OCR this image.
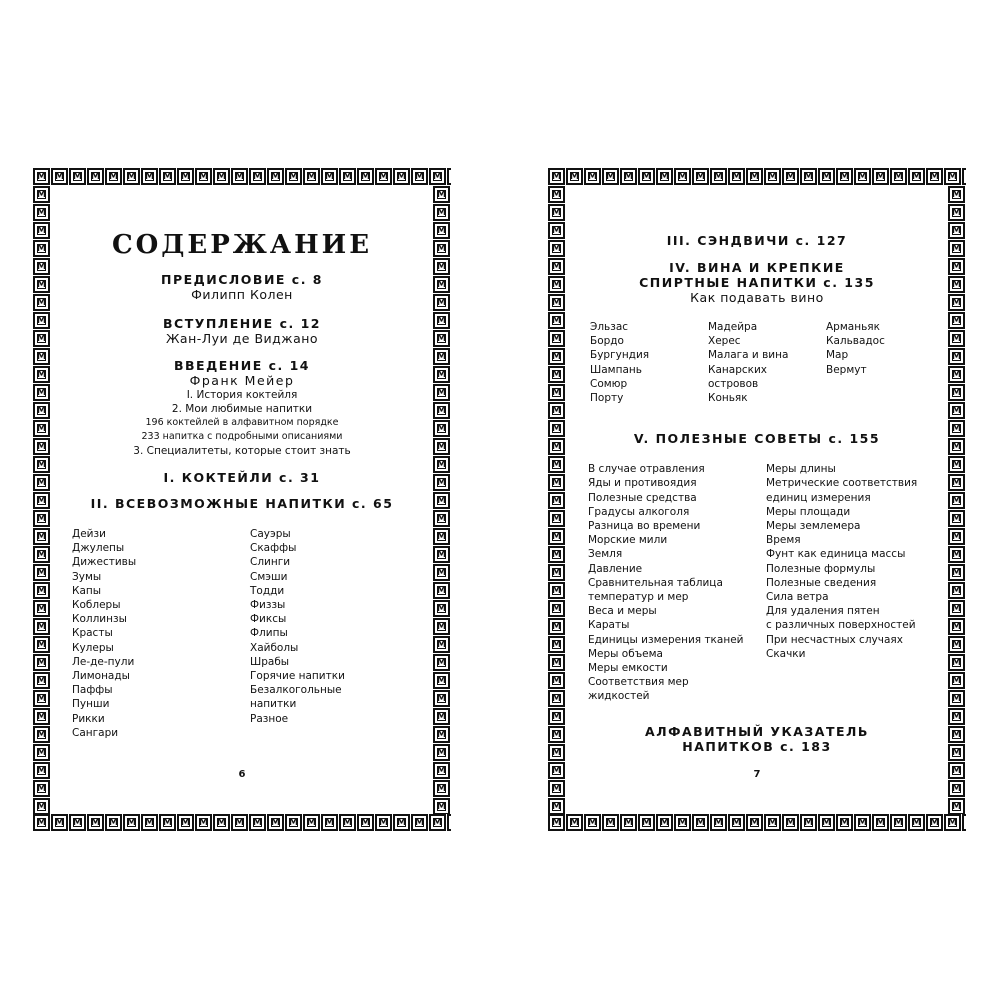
M
M
M
M
M
M
M
M
M
M
M
M
M
M
M
M
M
M
M
M
M
M
M
M
M
M
M
M
M
M
M
M
M
M
M
M
M
M
M
M
M
M
M
M
M
M
M
M
M
M
M
M
M
M
M
M
M
M
M
M
M
M
M
M
M
M
M
M
M
M
M
M
M
M
M
M
M
M
M
M
M
M
M
M
M
M
M
M
M
M
M
M
M
M
M
M
M
M
M
M
M
M
M
M
M
M
M
M
M
M
M
M
M
M
M
M
M
M
СОДЕРЖАНИЕ
ПРЕДИСЛОВИЕ с. 8
Филипп Колен
ВСТУПЛЕНИЕ с. 12
Жан-Луи де Виджано
ВВЕДЕНИЕ с. 14
Франк Мейер
I. История коктейля
2. Мои любимые напитки
196 коктейлей в алфавитном порядке
233 напитка с подробными описаниями
3. Специалитеты, которые стоит знать
I. КОКТЕЙЛИ с. 31
II. ВСЕВОЗМОЖНЫЕ НАПИТКИ с. 65
Дейзи
Джулепы
Дижестивы
Зумы
Капы
Коблеры
Коллинзы
Красты
Кулеры
Ле-де-пули
Лимонады
Паффы
Пунши
Рикки
Сангари
Сауэры
Скаффы
Слинги
Смэши
Тодди
Физзы
Фиксы
Флипы
Хайболы
Шрабы
Горячие напитки
Безалкогольные
напитки
Разное
6
M
M
M
M
M
M
M
M
M
M
M
M
M
M
M
M
M
M
M
M
M
M
M
M
M
M
M
M
M
M
M
M
M
M
M
M
M
M
M
M
M
M
M
M
M
M
M
M
M
M
M
M
M
M
M
M
M
M
M
M
M
M
M
M
M
M
M
M
M
M
M
M
M
M
M
M
M
M
M
M
M
M
M
M
M
M
M
M
M
M
M
M
M
M
M
M
M
M
M
M
M
M
M
M
M
M
M
M
M
M
M
M
M
M
M
M
M
M
III. СЭНДВИЧИ с. 127
IV. ВИНА И КРЕПКИЕ
СПИРТНЫЕ НАПИТКИ с. 135
Как подавать вино
Эльзас
Бордо
Бургундия
Шампань
Сомюр
Порту
Мадейра
Херес
Малага и вина
Канарских
островов
Коньяк
Арманьяк
Кальвадос
Мар
Вермут
V. ПОЛЕЗНЫЕ СОВЕТЫ с. 155
В случае отравления
Яды и противоядия
Полезные средства
Градусы алкоголя
Разница во времени
Морские мили
Земля
Давление
Сравнительная таблица
температур и мер
Веса и меры
Караты
Единицы измерения тканей
Меры объема
Меры емкости
Соответствия мер
жидкостей
Меры длины
Метрические соответствия
единиц измерения
Меры площади
Меры землемера
Время
Фунт как единица массы
Полезные формулы
Полезные сведения
Сила ветра
Для удаления пятен
с различных поверхностей
При несчастных случаях
Скачки
АЛФАВИТНЫЙ УКАЗАТЕЛЬ
НАПИТКОВ с. 183
7
